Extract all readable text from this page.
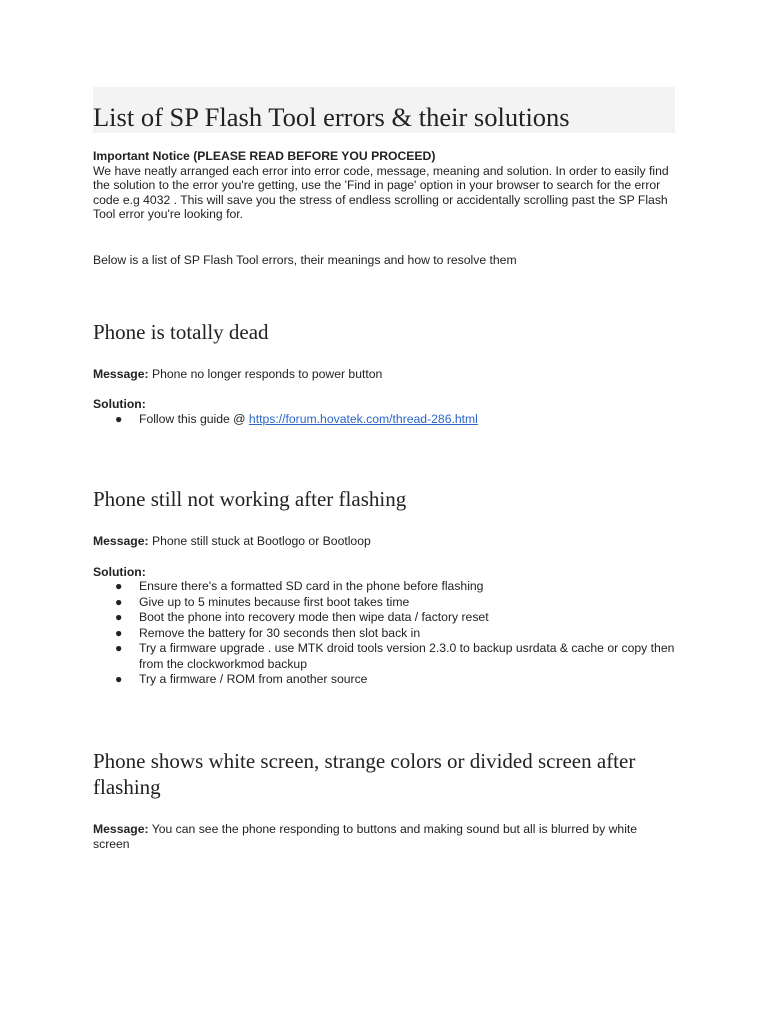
List of SP Flash Tool errors & their solutions
Important Notice (PLEASE READ BEFORE YOU PROCEED)
We have neatly arranged each error into error code, message, meaning and solution. In order to easily find the solution to the error you're getting, use the 'Find in page' option in your browser to search for the error code e.g 4032 . This will save you the stress of endless scrolling or accidentally scrolling past the SP Flash Tool error you're looking for.
Below is a list of SP Flash Tool errors, their meanings and how to resolve them
Phone is totally dead
Message: Phone no longer responds to power button
Solution:
● Follow this guide @ https://forum.hovatek.com/thread-286.html
Phone still not working after flashing
Message: Phone still stuck at Bootlogo or Bootloop
Solution:
● Ensure there's a formatted SD card in the phone before flashing
● Give up to 5 minutes because first boot takes time
● Boot the phone into recovery mode then wipe data / factory reset
● Remove the battery for 30 seconds then slot back in
● Try a firmware upgrade . use MTK droid tools version 2.3.0 to backup usrdata & cache or copy then from the clockworkmod backup
● Try a firmware / ROM from another source
Phone shows white screen, strange colors or divided screen after flashing
Message: You can see the phone responding to buttons and making sound but all is blurred by white screen
